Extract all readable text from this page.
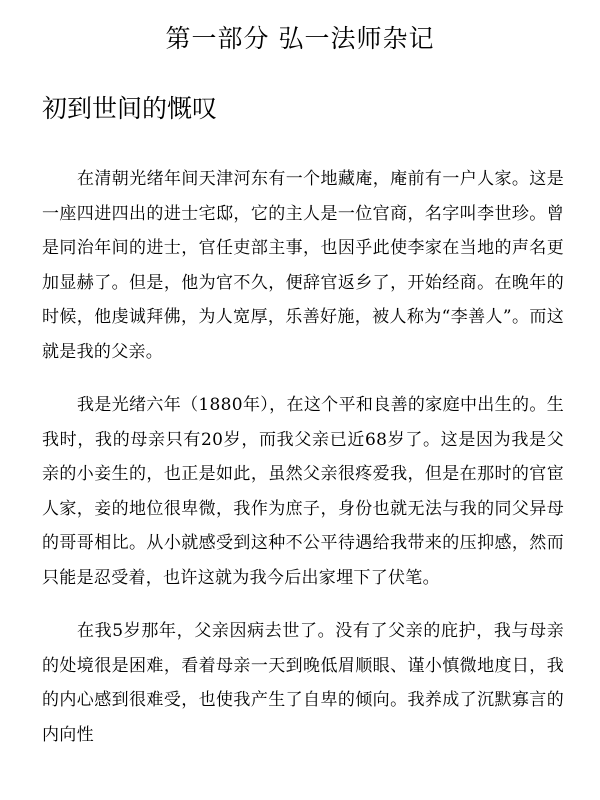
第一部分 弘一法师杂记
初到世间的慨叹

在清朝光绪年间天津河东有一个地藏庵，庵前有一户人家。这是一座四进四出的进士宅邸，它的主人是一位官商，名字叫李世珍。曾是同治年间的进士，官任吏部主事，也因乎此使李家在当地的声名更加显赫了。但是，他为官不久，便辞官返乡了，开始经商。在晚年的时候，他虔诚拜佛，为人宽厚，乐善好施，被人称为“李善人”。而这就是我的父亲。

我是光绪六年（1880年），在这个平和良善的家庭中出生的。生我时，我的母亲只有20岁，而我父亲已近68岁了。这是因为我是父亲的小妾生的，也正是如此，虽然父亲很疼爱我，但是在那时的官宦人家，妾的地位很卑微，我作为庶子，身份也就无法与我的同父异母的哥哥相比。从小就感受到这种不公平待遇给我带来的压抑感，然而只能是忍受着，也许这就为我今后出家埋下了伏笔。

在我5岁那年，父亲因病去世了。没有了父亲的庇护，我与母亲的处境很是困难，看着母亲一天到晚低眉顺眼、谨小慎微地度日，我的内心感到很难受，也使我产生了自卑的倾向。我养成了沉默寡言的内向性
